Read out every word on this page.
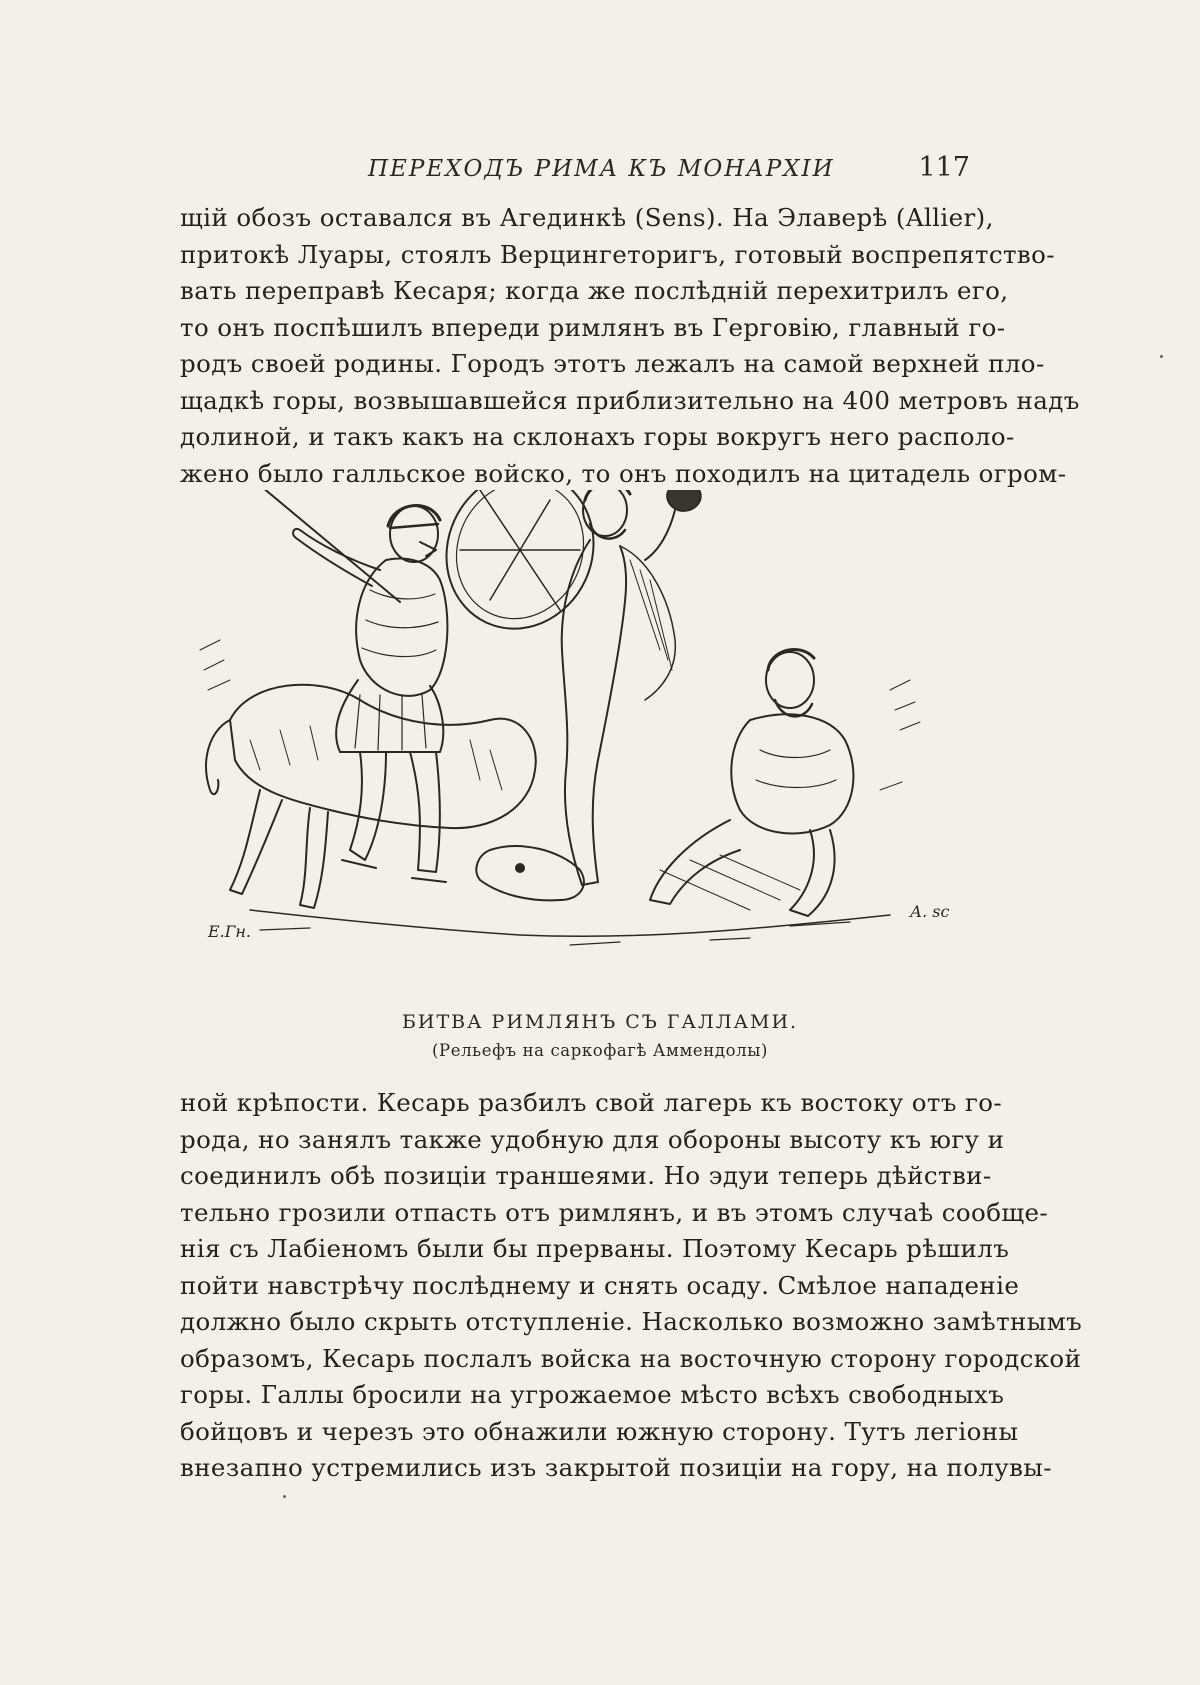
ПЕРЕХОДЪ РИМА КЪ МОНАРХІИ	117
щій обозъ оставался въ Агединкѣ (Sens). На Элаверѣ (Allier),
притокѣ Луары, стоялъ Верцингеторигъ, готовый воспрепятство-
вать переправѣ Кесаря; когда же послѣдній перехитрилъ его,
то онъ поспѣшилъ впереди римлянъ въ Герговію, главный го-
родъ своей родины. Городъ этотъ лежалъ на самой верхней пло-
щадкѣ горы, возвышавшейся приблизительно на 400 метровъ надъ
долиной, и такъ какъ на склонахъ горы вокругъ него располо-
жено было галльское войско, то онъ походилъ на цитадель огром-
Е.Гн.
А. sc
БИТВА РИМЛЯНЪ СЪ ГАЛЛАМИ.
(Рельефъ на саркофагѣ Аммендолы)
ной крѣпости. Кесарь разбилъ свой лагерь къ востоку отъ го-
рода, но занялъ также удобную для обороны высоту къ югу и
соединилъ обѣ позиціи траншеями. Но эдуи теперь дѣйстви-
тельно грозили отпасть отъ римлянъ, и въ этомъ случаѣ сообще-
нія съ Лабіеномъ были бы прерваны. Поэтому Кесарь рѣшилъ
пойти навстрѣчу послѣднему и снять осаду. Смѣлое нападеніе
должно было скрыть отступленіе. Насколько возможно замѣтнымъ
образомъ, Кесарь послалъ войска на восточную сторону городской
горы. Галлы бросили на угрожаемое мѣсто всѣхъ свободныхъ
бойцовъ и черезъ это обнажили южную сторону. Тутъ легіоны
внезапно устремились изъ закрытой позиціи на гору, на полувы-
